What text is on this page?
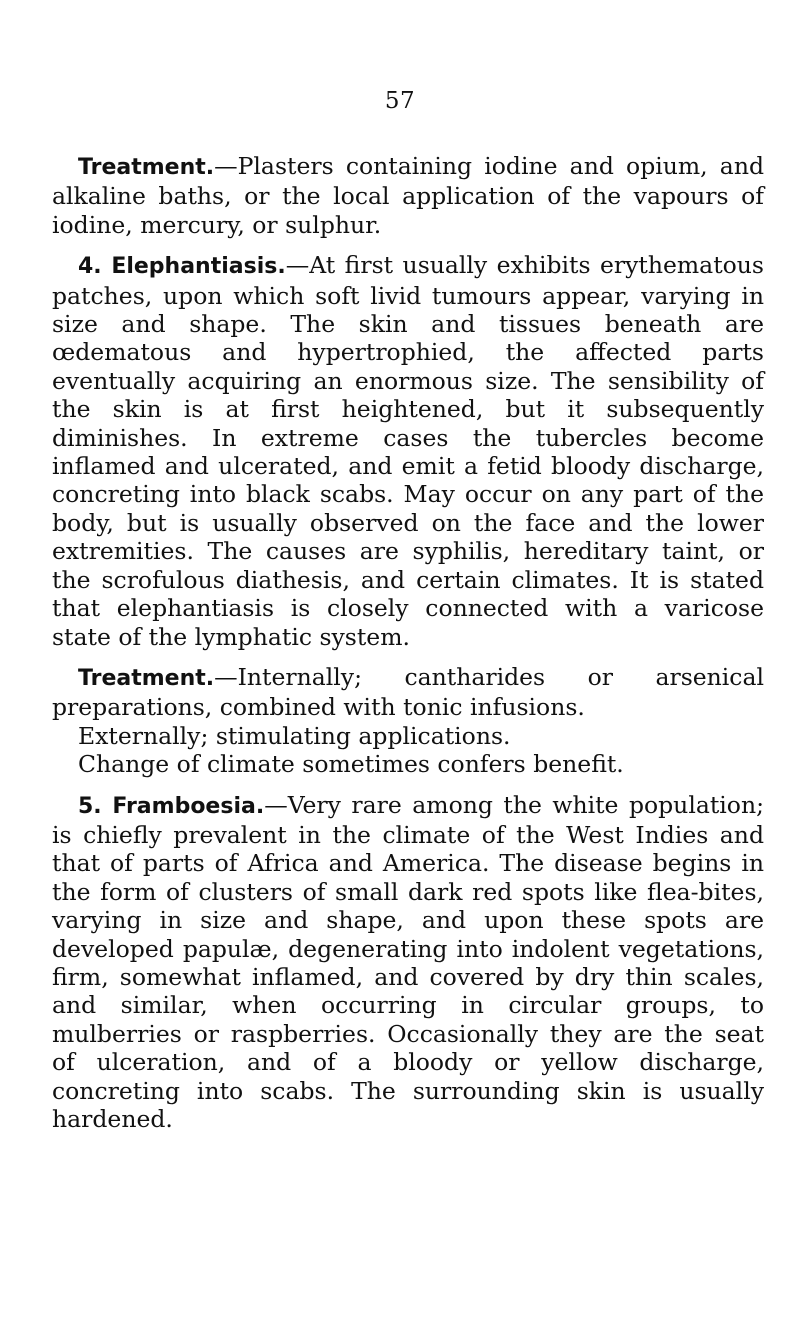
57

Treatment.—Plasters containing iodine and opium, and alkaline baths, or the local application of the vapours of iodine, mercury, or sulphur.

4. Elephantiasis.—At first usually exhibits erythematous patches, upon which soft livid tumours appear, varying in size and shape. The skin and tissues beneath are œdematous and hypertrophied, the affected parts eventually acquiring an enormous size. The sensibility of the skin is at first heightened, but it subsequently diminishes. In extreme cases the tubercles become inflamed and ulcerated, and emit a fetid bloody discharge, concreting into black scabs. May occur on any part of the body, but is usually observed on the face and the lower extremities. The causes are syphilis, hereditary taint, or the scrofulous diathesis, and certain climates. It is stated that elephantiasis is closely connected with a varicose state of the lymphatic system.

Treatment.—Internally; cantharides or arsenical preparations, combined with tonic infusions.

Externally; stimulating applications.

Change of climate sometimes confers benefit.

5. Framboesia.—Very rare among the white population; is chiefly prevalent in the climate of the West Indies and that of parts of Africa and America. The disease begins in the form of clusters of small dark red spots like flea-bites, varying in size and shape, and upon these spots are developed papulæ, degenerating into indolent vegetations, firm, somewhat inflamed, and covered by dry thin scales, and similar, when occurring in circular groups, to mulberries or raspberries. Occasionally they are the seat of ulceration, and of a bloody or yellow discharge, concreting into scabs. The surrounding skin is usually hardened.
